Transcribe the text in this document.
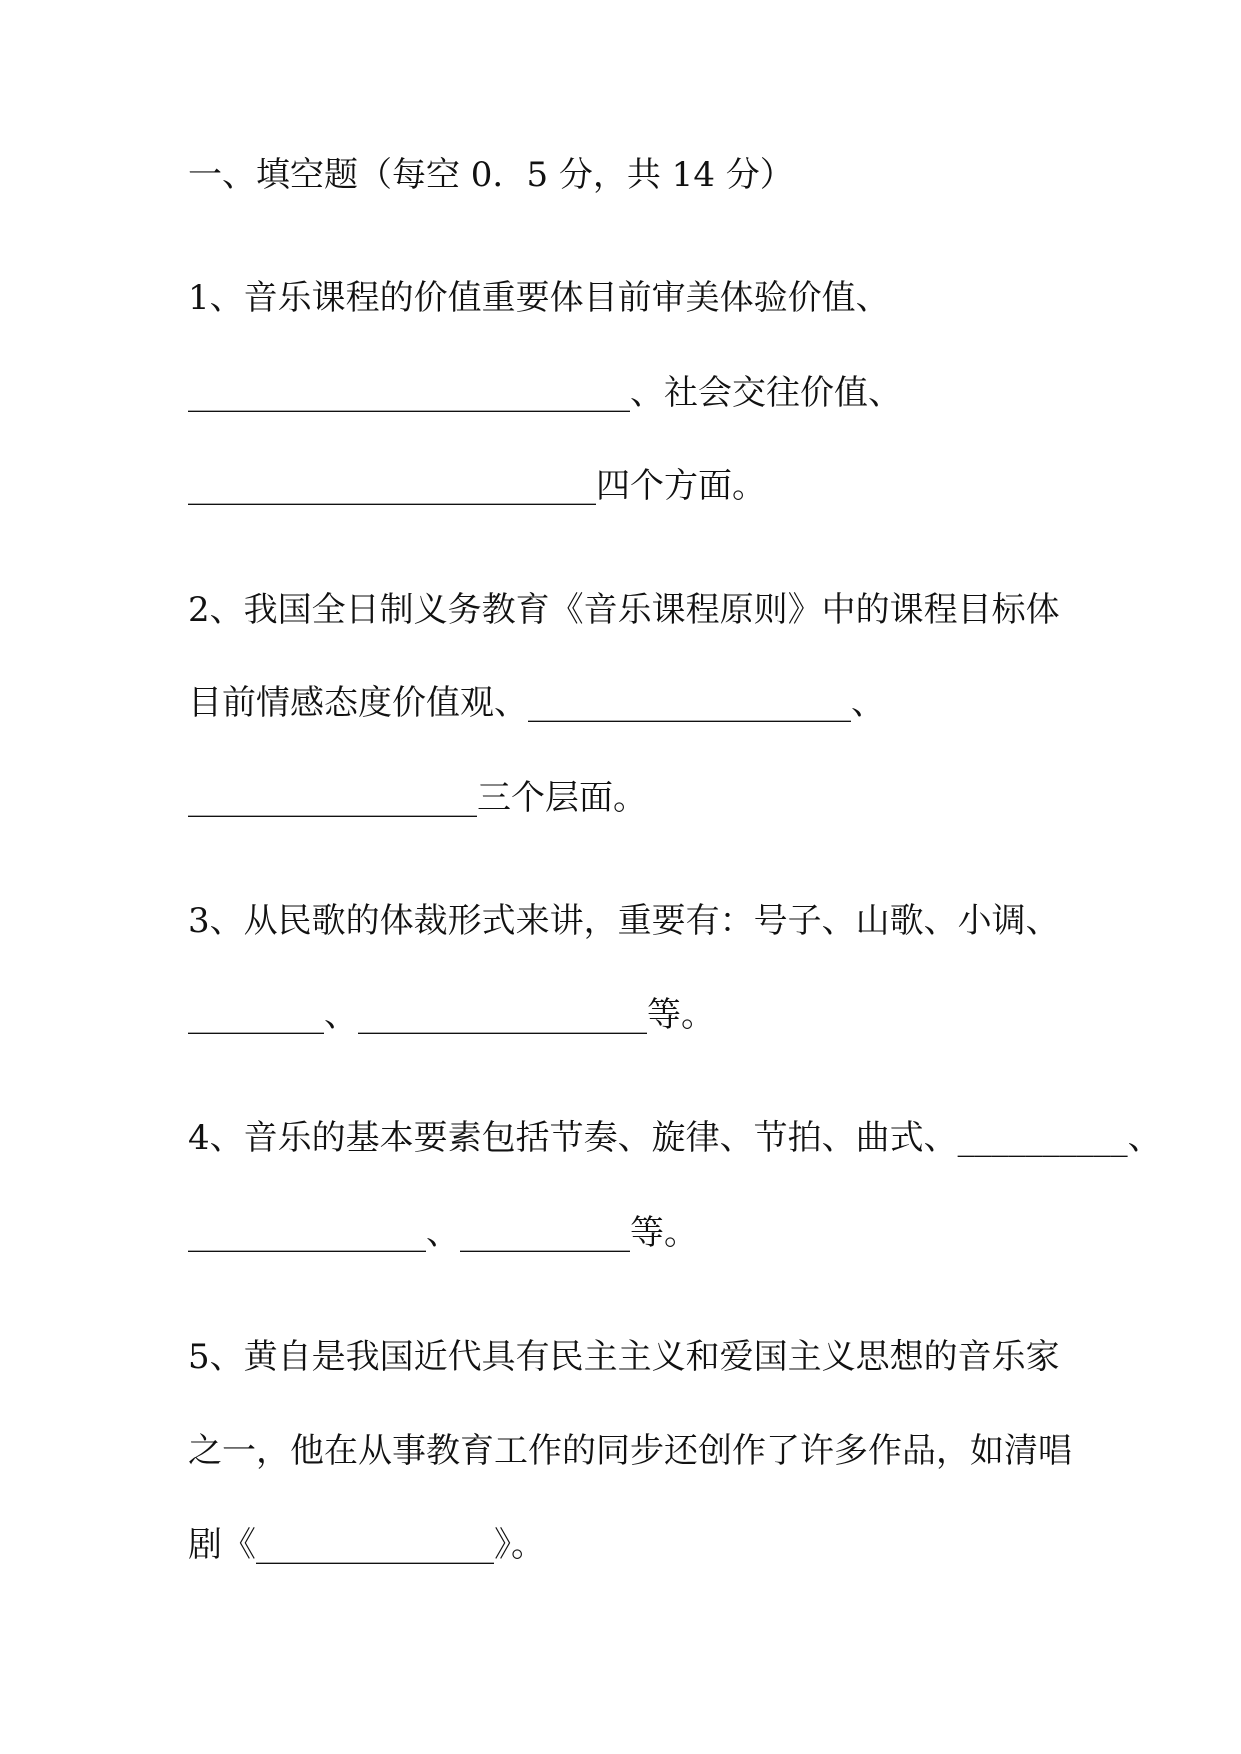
一、填空题（每空 0．5 分，共 14 分）
1、音乐课程的价值重要体目前审美体验价值、
__________________________、社会交往价值、
________________________四个方面。
2、我国全日制义务教育《音乐课程原则》中的课程目标体
目前情感态度价值观、___________________、
_________________三个层面。
3、从民歌的体裁形式来讲，重要有：号子、山歌、小调、
________、_________________等。
4、音乐的基本要素包括节奏、旋律、节拍、曲式、__________、
______________、__________等。
5、黄自是我国近代具有民主主义和爱国主义思想的音乐家
之一，他在从事教育工作的同步还创作了许多作品，如清唱
剧《______________》。
